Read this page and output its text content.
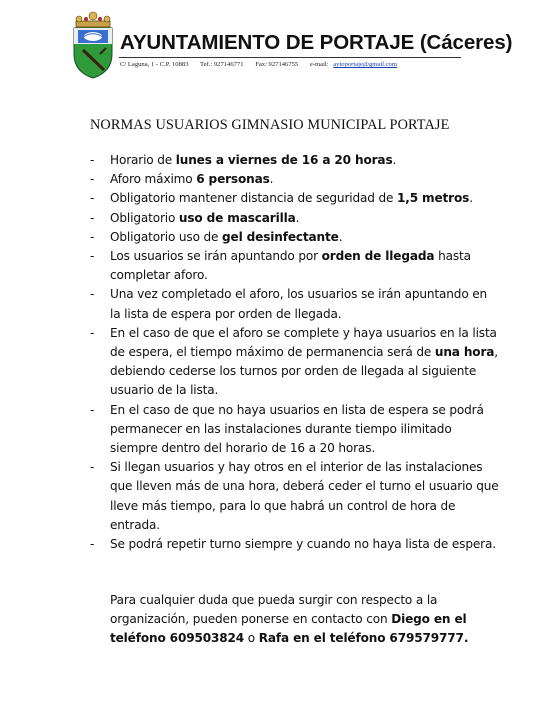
AYUNTAMIENTO DE PORTAJE (Cáceres)
C/ Laguna, 1 - C.P. 10883 Tef.: 927146771 Fax: 927146755 e-mail: aytoportaje@gmail.com
NORMAS USUARIOS GIMNASIO MUNICIPAL PORTAJE
- Horario de lunes a viernes de 16 a 20 horas.
- Aforo máximo 6 personas.
- Obligatorio mantener distancia de seguridad de 1,5 metros.
- Obligatorio uso de mascarilla.
- Obligatorio uso de gel desinfectante.
- Los usuarios se irán apuntando por orden de llegada hasta completar aforo.
- Una vez completado el aforo, los usuarios se irán apuntando en la lista de espera por orden de llegada.
- En el caso de que el aforo se complete y haya usuarios en la lista de espera, el tiempo máximo de permanencia será de una hora, debiendo cederse los turnos por orden de llegada al siguiente usuario de la lista.
- En el caso de que no haya usuarios en lista de espera se podrá permanecer en las instalaciones durante tiempo ilimitado siempre dentro del horario de 16 a 20 horas.
- Si llegan usuarios y hay otros en el interior de las instalaciones que lleven más de una hora, deberá ceder el turno el usuario que lleve más tiempo, para lo que habrá un control de hora de entrada.
- Se podrá repetir turno siempre y cuando no haya lista de espera.

Para cualquier duda que pueda surgir con respecto a la organización, pueden ponerse en contacto con Diego en el teléfono 609503824 o Rafa en el teléfono 679579777.
